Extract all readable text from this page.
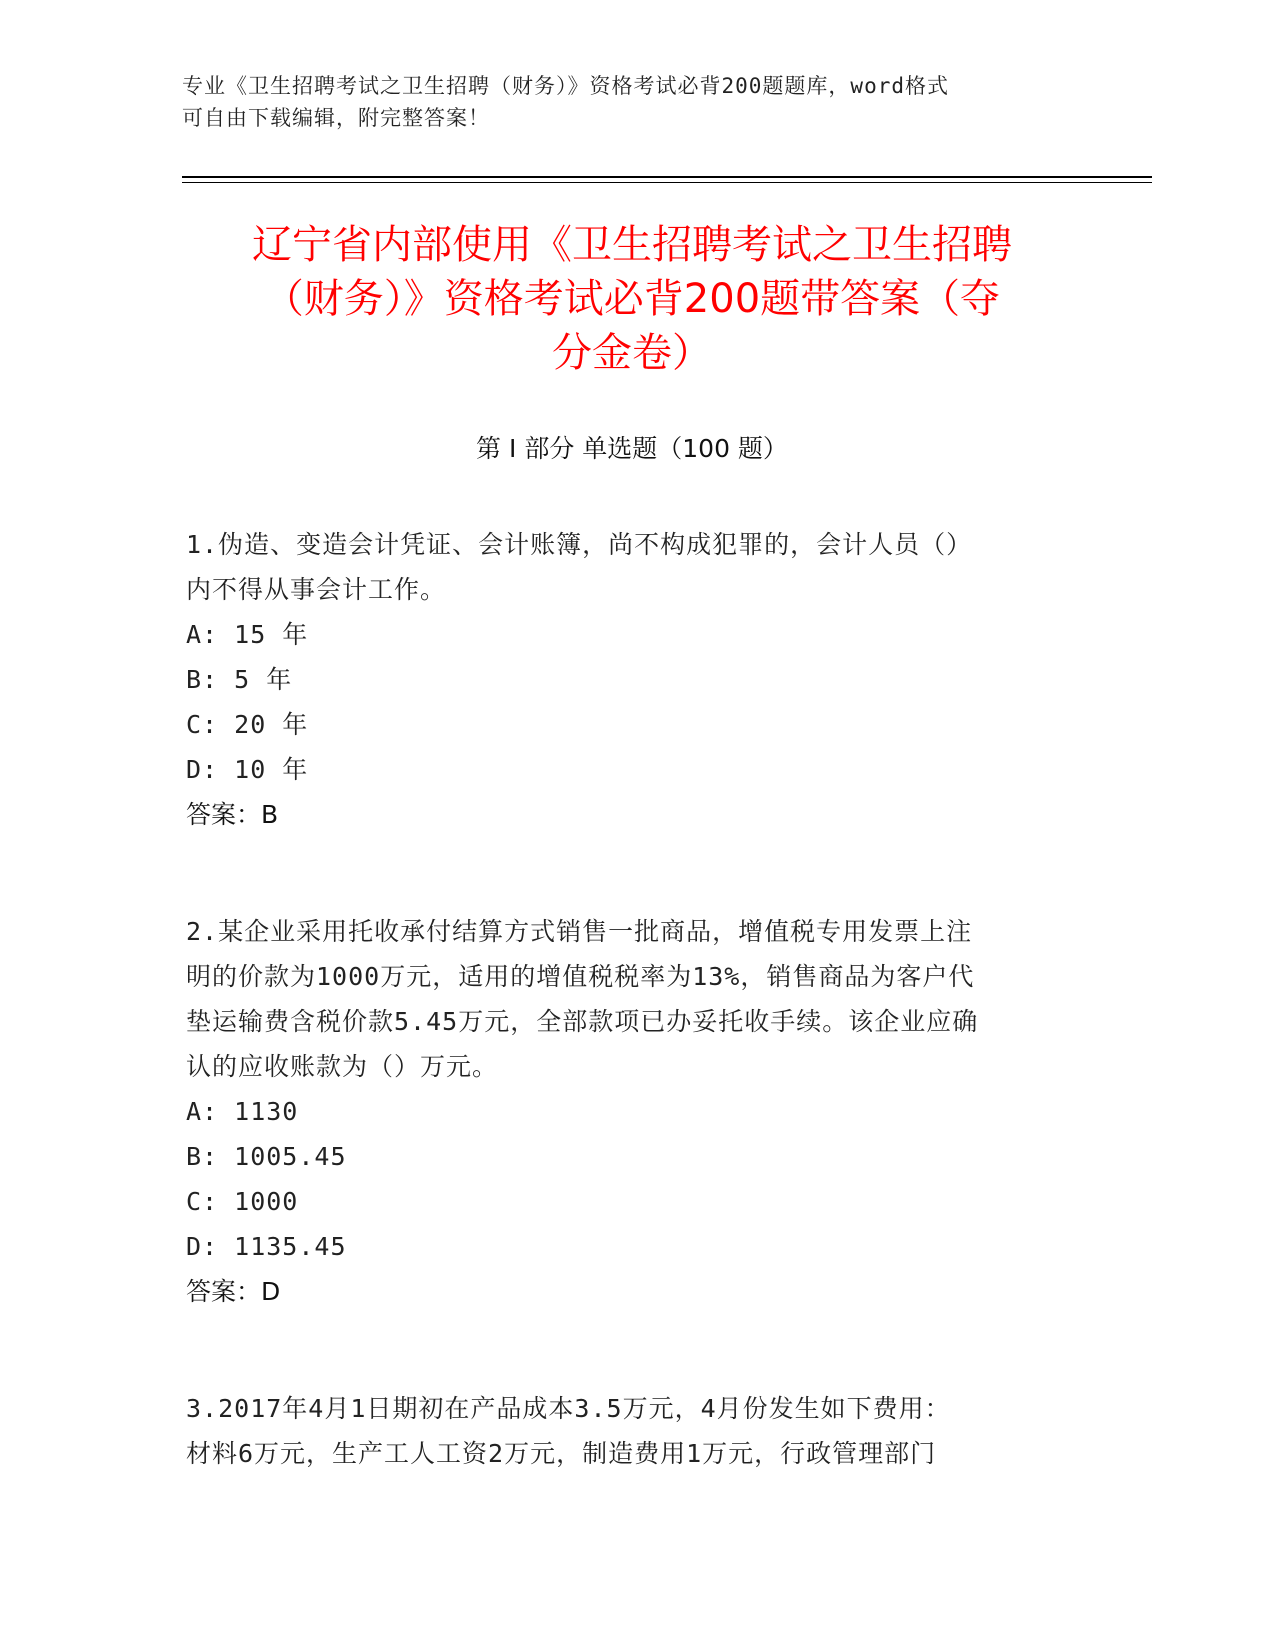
专业《卫生招聘考试之卫生招聘（财务）》资格考试必背200题题库，word格式
可自由下载编辑，附完整答案！
辽宁省内部使用《卫生招聘考试之卫生招聘
（财务）》资格考试必背200题带答案（夺
分金卷）
第 I 部分 单选题（100 题）

1.伪造、变造会计凭证、会计账簿，尚不构成犯罪的，会计人员（）

内不得从事会计工作。

A: 15 年

B: 5 年

C: 20 年

D: 10 年

答案：B

2.某企业采用托收承付结算方式销售一批商品，增值税专用发票上注

明的价款为1000万元，适用的增值税税率为13%，销售商品为客户代

垫运输费含税价款5.45万元，全部款项已办妥托收手续。该企业应确

认的应收账款为（）万元。

A: 1130

B: 1005.45

C: 1000

D: 1135.45

答案：D

3.2017年4月1日期初在产品成本3.5万元，4月份发生如下费用：

材料6万元，生产工人工资2万元，制造费用1万元，行政管理部门
